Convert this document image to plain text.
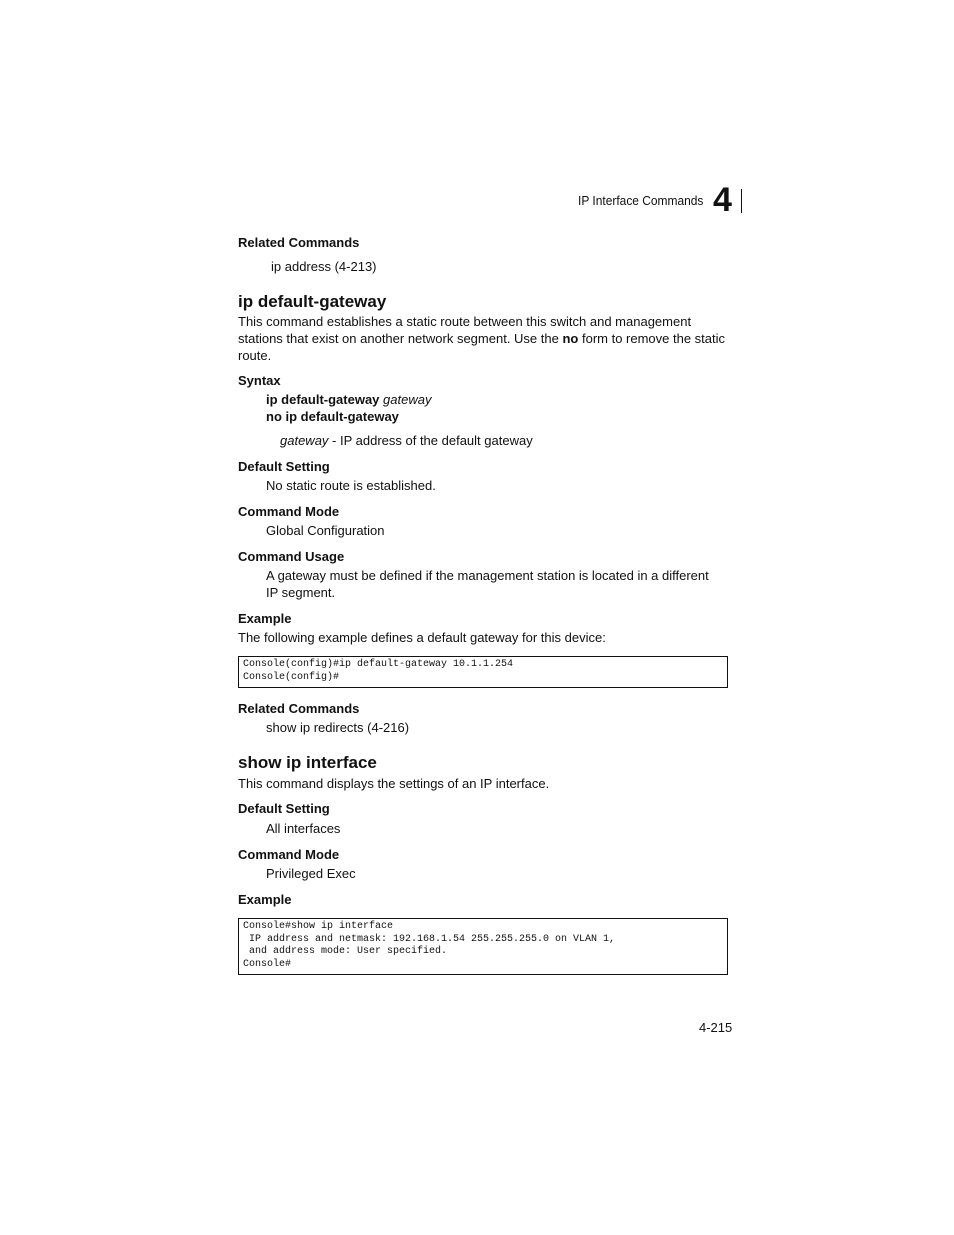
IP Interface Commands 4
Related Commands
ip address (4-213)
ip default-gateway
This command establishes a static route between this switch and management
stations that exist on another network segment. Use the no form to remove the static
route.
Syntax
ip default-gateway gateway
no ip default-gateway
gateway - IP address of the default gateway
Default Setting
No static route is established.
Command Mode
Global Configuration
Command Usage
A gateway must be defined if the management station is located in a different
IP segment.
Example
The following example defines a default gateway for this device:
Console(config)#ip default-gateway 10.1.1.254
Console(config)#
Related Commands
show ip redirects (4-216)
show ip interface
This command displays the settings of an IP interface.
Default Setting
All interfaces
Command Mode
Privileged Exec
Example
Console#show ip interface
IP address and netmask: 192.168.1.54 255.255.255.0 on VLAN 1,
and address mode: User specified.
Console#
4-215
